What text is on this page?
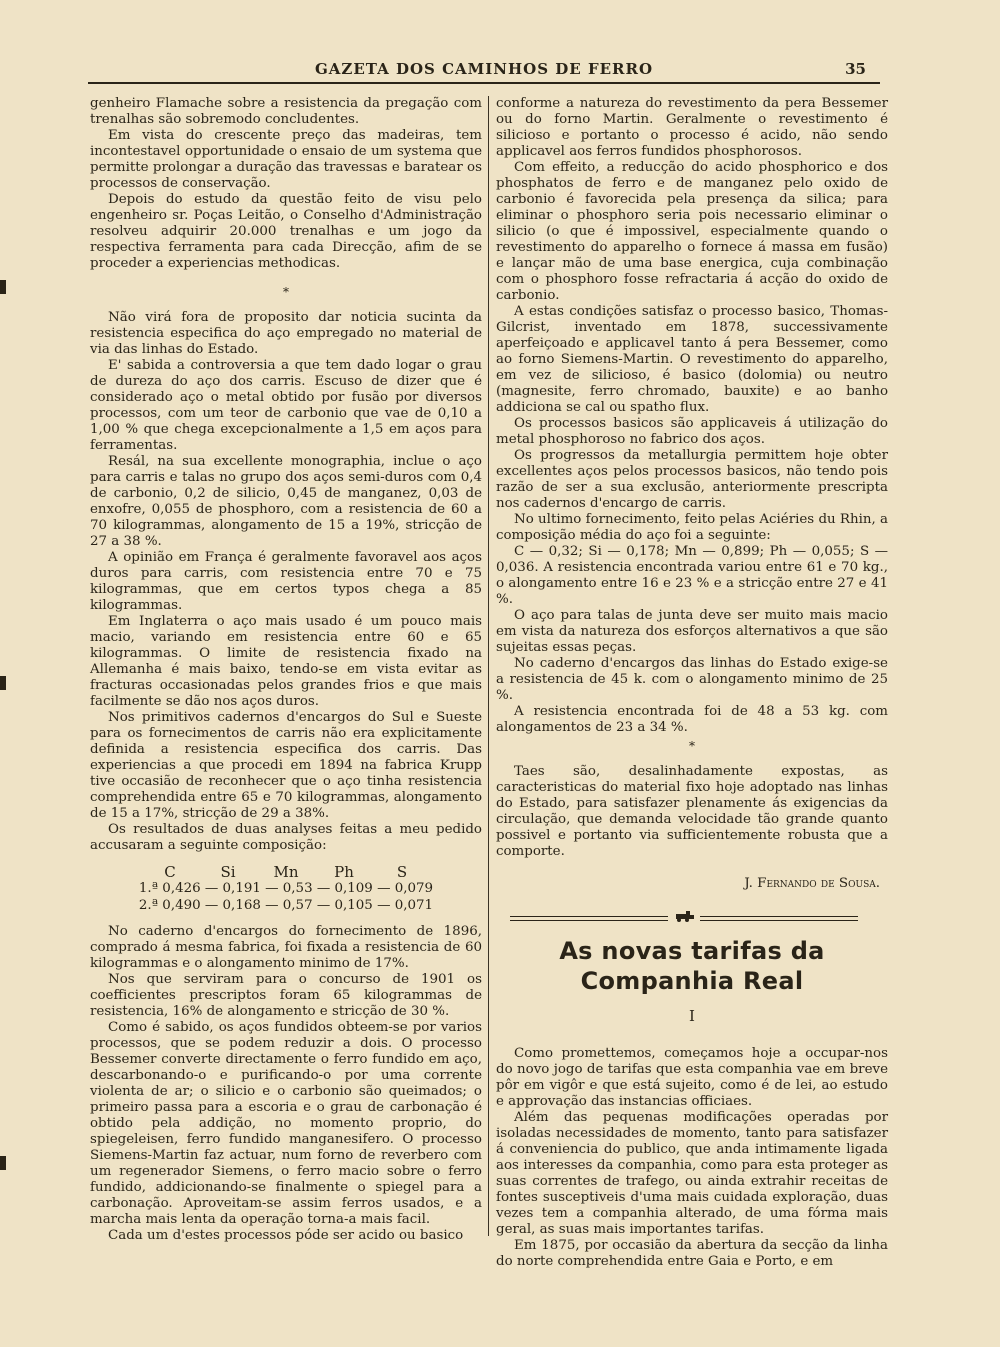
GAZETA DOS CAMINHOS DE FERRO	35

genheiro Flamache sobre a resistencia da pregação com trenalhas são sobremodo concludentes.

Em vista do crescente preço das madeiras, tem incontestavel opportunidade o ensaio de um systema que permitte prolongar a duração das travessas e baratear os processos de conservação.

Depois do estudo da questão feito de visu pelo engenheiro sr. Poças Leitão, o Conselho d'Administração resolveu adquirir 20.000 trenalhas e um jogo da respectiva ferramenta para cada Direcção, afim de se proceder a experiencias methodicas.

*

Não virá fora de proposito dar noticia sucinta da resistencia especifica do aço empregado no material de via das linhas do Estado.

E' sabida a controversia a que tem dado logar o grau de dureza do aço dos carris. Escuso de dizer que é considerado aço o metal obtido por fusão por diversos processos, com um teor de carbonio que vae de 0,10 a 1,00 % que chega excepcionalmente a 1,5 em aços para ferramentas.

Resál, na sua excellente monographia, inclue o aço para carris e talas no grupo dos aços semi-duros com 0,4 de carbonio, 0,2 de silicio, 0,45 de manganez, 0,03 de enxofre, 0,055 de phosphoro, com a resistencia de 60 a 70 kilogrammas, alongamento de 15 a 19%, stricção de 27 a 38 %.

A opinião em França é geralmente favoravel aos aços duros para carris, com resistencia entre 70 e 75 kilogrammas, que em certos typos chega a 85 kilogrammas.

Em Inglaterra o aço mais usado é um pouco mais macio, variando em resistencia entre 60 e 65 kilogrammas. O limite de resistencia fixado na Allemanha é mais baixo, tendo-se em vista evitar as fracturas occasionadas pelos grandes frios e que mais facilmente se dão nos aços duros.

Nos primitivos cadernos d'encargos do Sul e Sueste para os fornecimentos de carris não era explicitamente definida a resistencia especifica dos carris. Das experiencias a que procedi em 1894 na fabrica Krupp tive occasião de reconhecer que o aço tinha resistencia comprehendida entre 65 e 70 kilogrammas, alongamento de 15 a 17%, stricção de 29 a 38%.

Os resultados de duas analyses feitas a meu pedido accusaram a seguinte composição:

C	Si	Mn	Ph	S
1.ª 0,426 — 0,191 — 0,53 — 0,109 — 0,079
2.ª 0,490 — 0,168 — 0,57 — 0,105 — 0,071

No caderno d'encargos do fornecimento de 1896, comprado á mesma fabrica, foi fixada a resistencia de 60 kilogrammas e o alongamento minimo de 17%.

Nos que serviram para o concurso de 1901 os coefficientes prescriptos foram 65 kilogrammas de resistencia, 16% de alongamento e stricção de 30 %.

Como é sabido, os aços fundidos obteem-se por varios processos, que se podem reduzir a dois. O processo Bessemer converte directamente o ferro fundido em aço, descarbonando-o e purificando-o por uma corrente violenta de ar; o silicio e o carbonio são queimados; o primeiro passa para a escoria e o grau de carbonação é obtido pela addição, no momento proprio, do spiegeleisen, ferro fundido manganesifero. O processo Siemens-Martin faz actuar, num forno de reverbero com um regenerador Siemens, o ferro macio sobre o ferro fundido, addicionando-se finalmente o spiegel para a carbonação. Aproveitam-se assim ferros usados, e a marcha mais lenta da operação torna-a mais facil.

Cada um d'estes processos póde ser acido ou basico

conforme a natureza do revestimento da pera Bessemer ou do forno Martin. Geralmente o revestimento é silicioso e portanto o processo é acido, não sendo applicavel aos ferros fundidos phosphorosos.

Com effeito, a reducção do acido phosphorico e dos phosphatos de ferro e de manganez pelo oxido de carbonio é favorecida pela presença da silica; para eliminar o phosphoro seria pois necessario eliminar o silicio (o que é impossivel, especialmente quando o revestimento do apparelho o fornece á massa em fusão) e lançar mão de uma base energica, cuja combinação com o phosphoro fosse refractaria á acção do oxido de carbonio.

A estas condições satisfaz o processo basico, Thomas-Gilcrist, inventado em 1878, successivamente aperfeiçoado e applicavel tanto á pera Bessemer, como ao forno Siemens-Martin. O revestimento do apparelho, em vez de silicioso, é basico (dolomia) ou neutro (magnesite, ferro chromado, bauxite) e ao banho addiciona se cal ou spatho flux.

Os processos basicos são applicaveis á utilização do metal phosphoroso no fabrico dos aços.

Os progressos da metallurgia permittem hoje obter excellentes aços pelos processos basicos, não tendo pois razão de ser a sua exclusão, anteriormente prescripta nos cadernos d'encargo de carris.

No ultimo fornecimento, feito pelas Aciéries du Rhin, a composição média do aço foi a seguinte:

C — 0,32; Si — 0,178; Mn — 0,899; Ph — 0,055; S — 0,036. A resistencia encontrada variou entre 61 e 70 kg., o alongamento entre 16 e 23 % e a stricção entre 27 e 41 %.

O aço para talas de junta deve ser muito mais macio em vista da natureza dos esforços alternativos a que são sujeitas essas peças.

No caderno d'encargos das linhas do Estado exige-se a resistencia de 45 k. com o alongamento minimo de 25 %.

A resistencia encontrada foi de 48 a 53 kg. com alongamentos de 23 a 34 %.

*

Taes são, desalinhadamente expostas, as caracteristicas do material fixo hoje adoptado nas linhas do Estado, para satisfazer plenamente ás exigencias da circulação, que demanda velocidade tão grande quanto possivel e portanto via sufficientemente robusta que a comporte.

J. Fernando de Sousa.
As novas tarifas da Companhia Real
I

Como promettemos, começamos hoje a occupar-nos do novo jogo de tarifas que esta companhia vae em breve pôr em vigôr e que está sujeito, como é de lei, ao estudo e approvação das instancias officiaes.

Além das pequenas modificações operadas por isoladas necessidades de momento, tanto para satisfazer á conveniencia do publico, que anda intimamente ligada aos interesses da companhia, como para esta proteger as suas correntes de trafego, ou ainda extrahir receitas de fontes susceptiveis d'uma mais cuidada exploração, duas vezes tem a companhia alterado, de uma fórma mais geral, as suas mais importantes tarifas.

Em 1875, por occasião da abertura da secção da linha do norte comprehendida entre Gaia e Porto, e em
